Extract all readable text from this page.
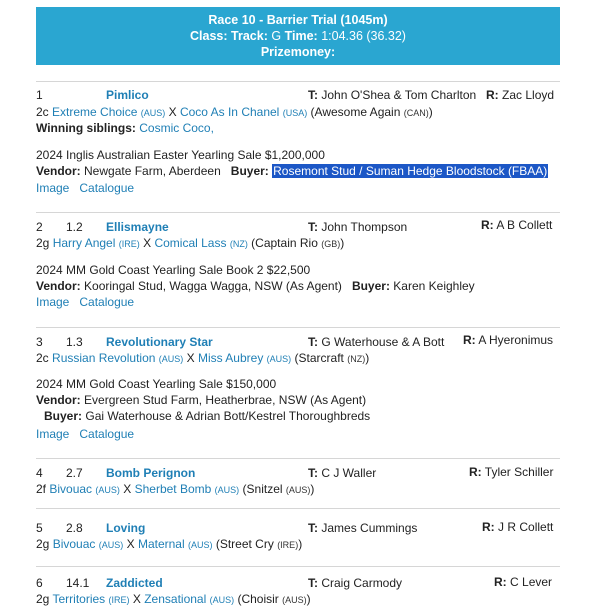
Race 10 - Barrier Trial (1045m)
Class: Track: G Time: 1:04.36 (36.32)
Prizemoney:
1	Pimlico	T: John O'Shea & Tom Charlton R: Zac Lloyd
2c Extreme Choice (AUS) X Coco As In Chanel (USA) (Awesome Again (CAN))
Winning siblings: Cosmic Coco,
2024 Inglis Australian Easter Yearling Sale $1,200,000
Vendor: Newgate Farm, Aberdeen Buyer: Rosemont Stud / Suman Hedge Bloodstock (FBAA)
Image Catalogue
2 1.2 Ellismayne	T: John Thompson	R: A B Collett
2g Harry Angel (IRE) X Comical Lass (NZ) (Captain Rio (GB))
2024 MM Gold Coast Yearling Sale Book 2 $22,500
Vendor: Kooringal Stud, Wagga Wagga, NSW (As Agent) Buyer: Karen Keighley
Image Catalogue
3 1.3 Revolutionary Star	T: G Waterhouse & A Bott R: A Hyeronimus
2c Russian Revolution (AUS) X Miss Aubrey (AUS) (Starcraft (NZ))
2024 MM Gold Coast Yearling Sale $150,000
Vendor: Evergreen Stud Farm, Heatherbrae, NSW (As Agent)
Buyer: Gai Waterhouse & Adrian Bott/Kestrel Thoroughbreds
Image Catalogue
4 2.7 Bomb Perignon	T: C J Waller	R: Tyler Schiller
2f Bivouac (AUS) X Sherbet Bomb (AUS) (Snitzel (AUS))
5 2.8 Loving	T: James Cummings	R: J R Collett
2g Bivouac (AUS) X Maternal (AUS) (Street Cry (IRE))
6 14.1 Zaddicted	T: Craig Carmody	R: C Lever
2g Territories (IRE) X Zensational (AUS) (Choisir (AUS))
